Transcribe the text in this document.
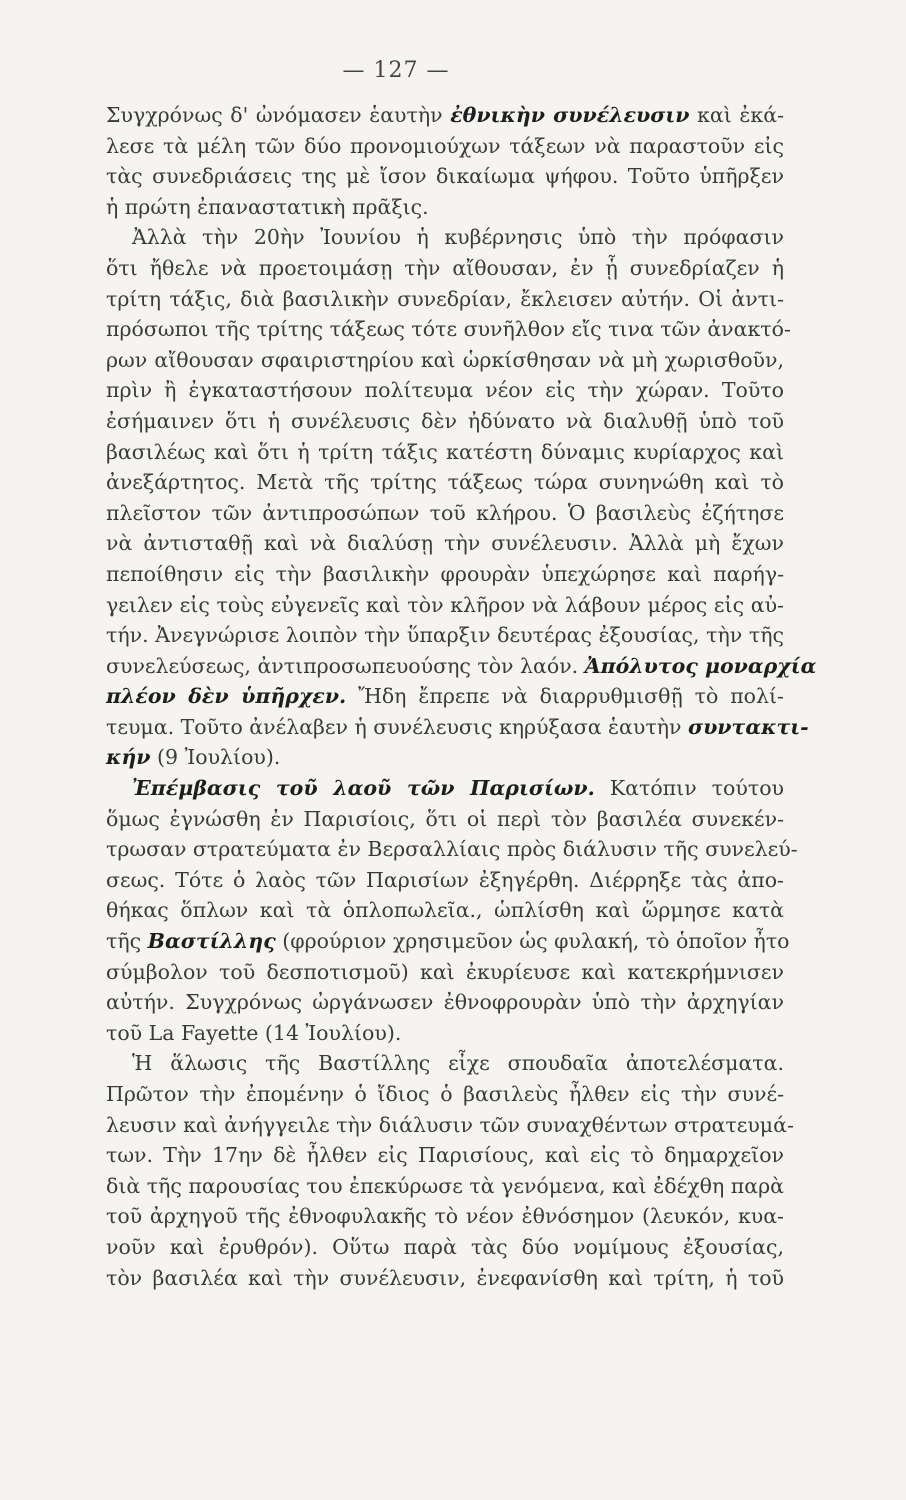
— 127 —
Συγχρόνως δ' ὠνόμασεν ἑαυτὴν ἐθνικὴν συνέλευσιν καὶ ἐκά-
λεσε τὰ μέλη τῶν δύο προνομιούχων τάξεων νὰ παραστοῦν εἰς
τὰς συνεδριάσεις της μὲ ἴσον δικαίωμα ψήφου. Τοῦτο ὑπῆρξεν
ἡ πρώτη ἐπαναστατικὴ πρᾶξις.
Ἀλλὰ τὴν 20ὴν Ἰουνίου ἡ κυβέρνησις ὑπὸ τὴν πρόφασιν
ὅτι ἤθελε νὰ προετοιμάσῃ τὴν αἴθουσαν, ἐν ᾗ συνεδρίαζεν ἡ
τρίτη τάξις, διὰ βασιλικὴν συνεδρίαν, ἔκλεισεν αὐτήν. Οἱ ἀντι-
πρόσωποι τῆς τρίτης τάξεως τότε συνῆλθον εἴς τινα τῶν ἀνακτό-
ρων αἴθουσαν σφαιριστηρίου καὶ ὡρκίσθησαν νὰ μὴ χωρισθοῦν,
πρὶν ἢ ἐγκαταστήσουν πολίτευμα νέον εἰς τὴν χώραν. Τοῦτο
ἐσήμαινεν ὅτι ἡ συνέλευσις δὲν ἠδύνατο νὰ διαλυθῇ ὑπὸ τοῦ
βασιλέως καὶ ὅτι ἡ τρίτη τάξις κατέστη δύναμις κυρίαρχος καὶ
ἀνεξάρτητος. Μετὰ τῆς τρίτης τάξεως τώρα συνηνώθη καὶ τὸ
πλεῖστον τῶν ἀντιπροσώπων τοῦ κλήρου. Ὁ βασιλεὺς ἐζήτησε
νὰ ἀντισταθῇ καὶ νὰ διαλύσῃ τὴν συνέλευσιν. Ἀλλὰ μὴ ἔχων
πεποίθησιν εἰς τὴν βασιλικὴν φρουρὰν ὑπεχώρησε καὶ παρήγ-
γειλεν εἰς τοὺς εὐγενεῖς καὶ τὸν κλῆρον νὰ λάβουν μέρος εἰς αὐ-
τήν. Ἀνεγνώρισε λοιπὸν τὴν ὕπαρξιν δευτέρας ἐξουσίας, τὴν τῆς
συνελεύσεως, ἀντιπροσωπευούσης τὸν λαόν. Ἀπόλυτος μοναρχία
πλέον δὲν ὑπῆρχεν. Ἤδη ἔπρεπε νὰ διαρρυθμισθῇ τὸ πολί-
τευμα. Τοῦτο ἀνέλαβεν ἡ συνέλευσις κηρύξασα ἑαυτὴν συντακτι-
κήν (9 Ἰουλίου).
Ἐπέμβασις τοῦ λαοῦ τῶν Παρισίων. Κατόπιν τούτου
ὅμως ἐγνώσθη ἐν Παρισίοις, ὅτι οἱ περὶ τὸν βασιλέα συνεκέν-
τρωσαν στρατεύματα ἐν Βερσαλλίαις πρὸς διάλυσιν τῆς συνελεύ-
σεως. Τότε ὁ λαὸς τῶν Παρισίων ἐξηγέρθη. Διέρρηξε τὰς ἀπο-
θήκας ὅπλων καὶ τὰ ὁπλοπωλεῖα., ὡπλίσθη καὶ ὥρμησε κατὰ
τῆς Βαστίλλης (φρούριον χρησιμεῦον ὡς φυλακή, τὸ ὁποῖον ἦτο
σύμβολον τοῦ δεσποτισμοῦ) καὶ ἐκυρίευσε καὶ κατεκρήμνισεν
αὐτήν. Συγχρόνως ὠργάνωσεν ἐθνοφρουρὰν ὑπὸ τὴν ἀρχηγίαν
τοῦ La Fayette (14 Ἰουλίου).
Ἡ ἅλωσις τῆς Βαστίλλης εἶχε σπουδαῖα ἀποτελέσματα.
Πρῶτον τὴν ἐπομένην ὁ ἴδιος ὁ βασιλεὺς ἦλθεν εἰς τὴν συνέ-
λευσιν καὶ ἀνήγγειλε τὴν διάλυσιν τῶν συναχθέντων στρατευμά-
των. Τὴν 17ην δὲ ἦλθεν εἰς Παρισίους, καὶ εἰς τὸ δημαρχεῖον
διὰ τῆς παρουσίας του ἐπεκύρωσε τὰ γενόμενα, καὶ ἐδέχθη παρὰ
τοῦ ἀρχηγοῦ τῆς ἐθνοφυλακῆς τὸ νέον ἐθνόσημον (λευκόν, κυα-
νοῦν καὶ ἐρυθρόν). Οὕτω παρὰ τὰς δύο νομίμους ἐξουσίας,
τὸν βασιλέα καὶ τὴν συνέλευσιν, ἐνεφανίσθη καὶ τρίτη, ἡ τοῦ
